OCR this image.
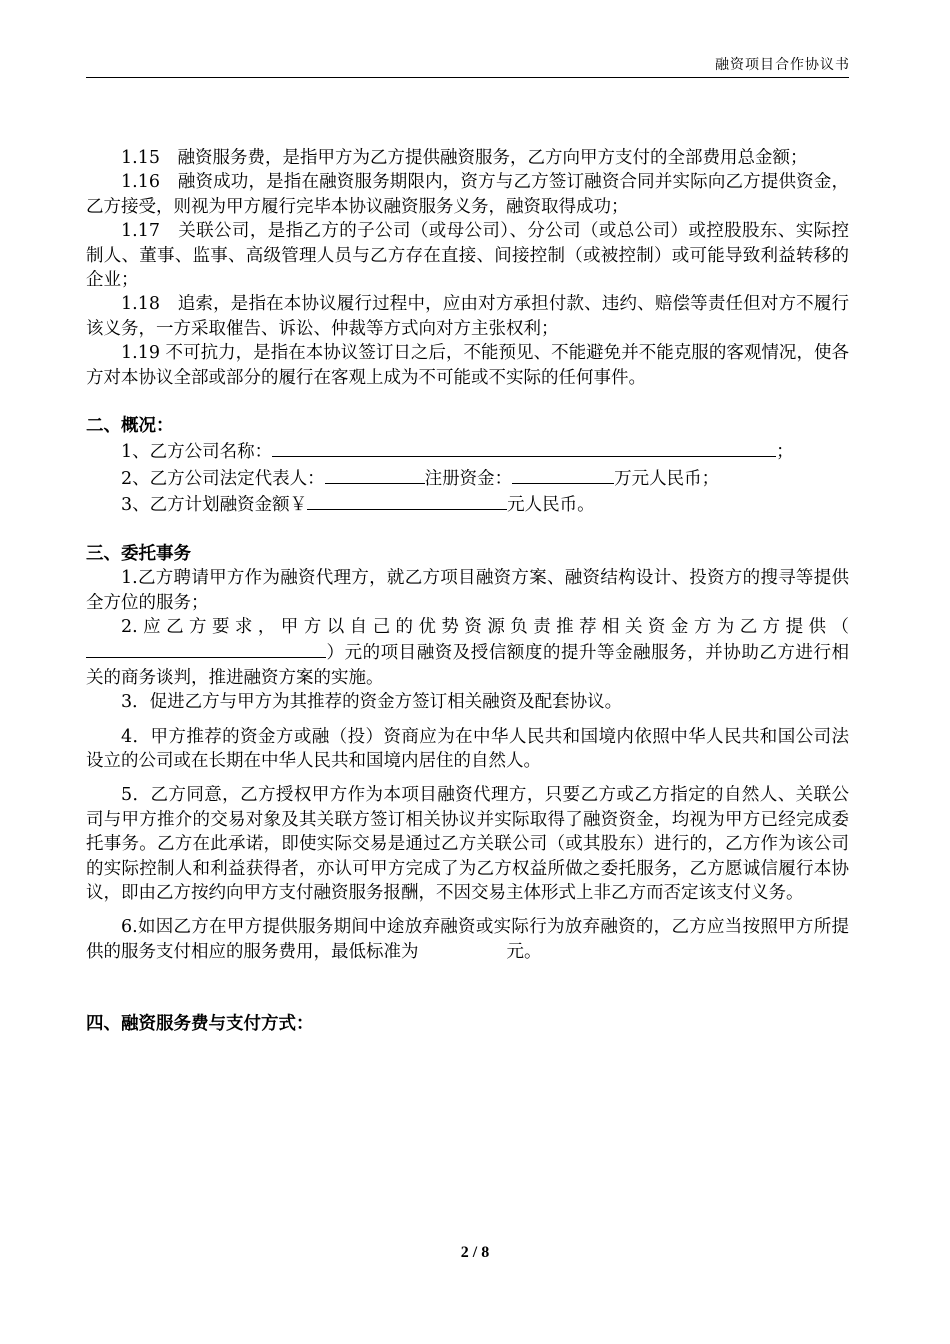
融资项目合作协议书

1.15　融资服务费，是指甲方为乙方提供融资服务，乙方向甲方支付的全部费用总金额；

1.16　融资成功，是指在融资服务期限内，资方与乙方签订融资合同并实际向乙方提供资金，乙方接受，则视为甲方履行完毕本协议融资服务义务，融资取得成功；

1.17　关联公司，是指乙方的子公司（或母公司）、分公司（或总公司）或控股股东、实际控制人、董事、监事、高级管理人员与乙方存在直接、间接控制（或被控制）或可能导致利益转移的企业；

1.18　追索，是指在本协议履行过程中，应由对方承担付款、违约、赔偿等责任但对方不履行该义务，一方采取催告、诉讼、仲裁等方式向对方主张权利；

1.19 不可抗力，是指在本协议签订日之后，不能预见、不能避免并不能克服的客观情况，使各方对本协议全部或部分的履行在客观上成为不可能或不实际的任何事件。

二、概况：

1、乙方公司名称：	；

2、乙方公司法定代表人：	注册资金：	万元人民币；

3、乙方计划融资金额￥	元人民币。

三、委托事务

1.乙方聘请甲方作为融资代理方，就乙方项目融资方案、融资结构设计、投资方的搜寻等提供全方位的服务；

2.应乙方要求，甲方以自己的优势资源负责推荐相关资金方为乙方提供（）元的项目融资及授信额度的提升等金融服务，并协助乙方进行相关的商务谈判，推进融资方案的实施。

3．促进乙方与甲方为其推荐的资金方签订相关融资及配套协议。

4．甲方推荐的资金方或融（投）资商应为在中华人民共和国境内依照中华人民共和国公司法设立的公司或在长期在中华人民共和国境内居住的自然人。

5．乙方同意，乙方授权甲方作为本项目融资代理方，只要乙方或乙方指定的自然人、关联公司与甲方推介的交易对象及其关联方签订相关协议并实际取得了融资资金，均视为甲方已经完成委托事务。乙方在此承诺，即使实际交易是通过乙方关联公司（或其股东）进行的，乙方作为该公司的实际控制人和利益获得者，亦认可甲方完成了为乙方权益所做之委托服务，乙方愿诚信履行本协议，即由乙方按约向甲方支付融资服务报酬，不因交易主体形式上非乙方而否定该支付义务。

6.如因乙方在甲方提供服务期间中途放弃融资或实际行为放弃融资的，乙方应当按照甲方所提供的服务支付相应的服务费用，最低标准为	元。

四、融资服务费与支付方式：

2 / 8
